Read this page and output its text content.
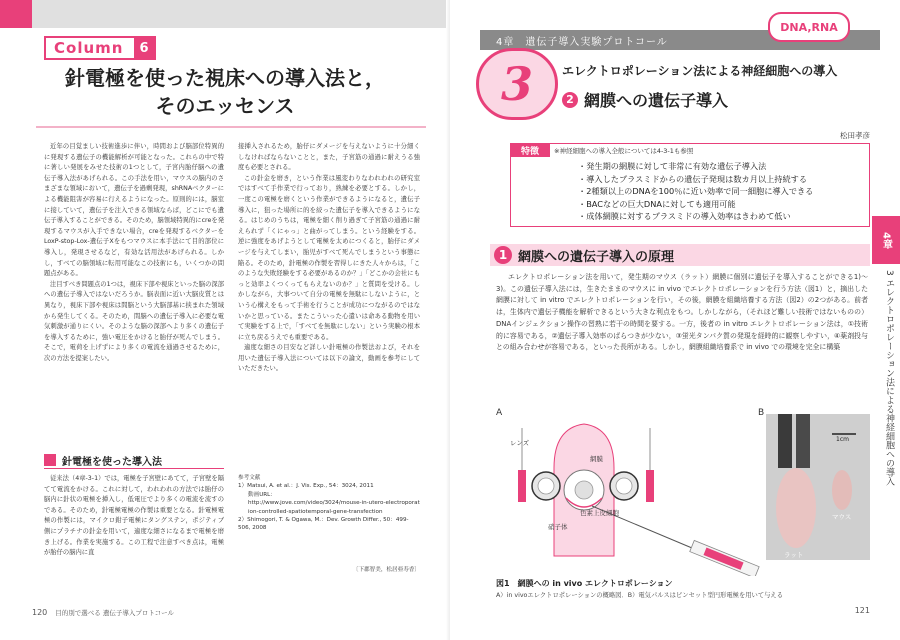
Column	6
針電極を使った視床への導入法と，
そのエッセンス

近年の目覚ましい技術進歩に伴い，時間および脳部位特異的に発現する遺伝子の機能解析が可能となった。これらの中で特に著しい発展をみせた技術の1つとして，子宮内胎仔脳への遺伝子導入法があげられる。この手法を用い，マウスの脳内のさまざまな領域において，遺伝子を過剰発現，shRNAベクターによる機能阻害が容易に行えるようになった。原則的には，脳室に接していて，遺伝子を注入できる領域ならば，どこにでも遺伝子導入することができる。そのため，脳領域特異的にcreを発現するマウスが入手できない場合，creを発現するベクターをLoxP-stop-Lox-遺伝子Xをもつマウスに本手法にて目的部位に導入し，発現させるなど，有効な活用法があげられる。しかし，すべての脳領域に転用可能なこの技術にも，いくつかの問題点がある。

注目すべき問題点の1つは，視床下部や視床といった脳の深部への遺伝子導入ではないだろうか。脳表面に近い大脳皮質とは異なり，視床下部や視床は間脳という大脳部基に挟まれた領域から発生してくる。そのため，間脳への遺伝子導入に必要な電気刺激が通りにくい。そのような脳の深部へより多くの遺伝子を導入するために，強い電圧をかけると胎仔が死んでしまう。そこで，電荷を上げずにより多くの電流を通過させるために，次の方法を提案したい。

針電極を使った導入法

従来法（4章-3-1）では，電極を子宮壁にあてて，子宮壁を隔てて電流をかける。これに対して，われわれの方法では胎仔の脳内に針状の電極を挿入し，低電圧でより多くの電流を流すのである。そのため，針電極電極の作製は重要となる。針電極電極の作製には，マイクロ鉗子電極にタングステン，ポジティブ側にプラチナの針金を用いて，適度な細さになるまで電極を磨き上げる。作業を実施する。この工程で注意すべき点は，電極が胎仔の脳内に直

接挿入されるため，胎仔にダメージを与えないように十分細くしなければならないことと，また，子宮筋の通過に耐えうる強度も必要とされる。

この針金を磨き，という作業は風変わりなわれわれの研究室ではすべて手作業で行っており，熟練を必要とする。しかし，一度この電極を磨くという作業ができるようになると，遺伝子導入に，狙った場所に的を絞った遺伝子を導入できるようになる。はじめのうちは，電極を細く削り過ぎて子宮筋の通過に耐えられず「くにゃっ」と曲がってしまう。という経験をする。逆に強度をあげようとして電極を太めにつくると，胎仔にダメージを与えてしまい，胎児がすべて死んでしまうという事態に陥る。そのため，針電極の作製を習得しにきた人々からは，「このような失敗経験をする必要があるのか？」「どこかの会社にもっと効率よくつくってもらえないのか？」と質問を受ける。しかしながら，大事ついて自分の電極を無駄にしないように，という心構えをもって手術を行うことが成功につながるのではないかと思っている。またこういった心遣いは命ある動物を用いて実験をする上で，「すべてを無駄にしない」という実験の根本に立ち戻るうえでも重要である。

適度な細さの目安など詳しい針電極の作製法および，それを用いた遺伝子導入法については以下の論文，動画を参考にしていただきたい。

参考文献
1）Matsui, A. et al.：J. Vis. Exp., 54：3024, 2011
動画URL：
http://www.jove.com/video/3024/mouse-in-utero-electroporation-controlled-spatiotemporal-gene-transfection
2）Shimogori, T. & Ogawa, M.：Dev. Growth Differ., 50：499-506, 2008
〔下郡智美，松居亜寿香〕
120 目的別で選べる 遺伝子導入プロトコール
4章　遺伝子導入実験プロトコール
DNA,RNA
3 エレクトロポレーション法による神経細胞への導入
2 網膜への遺伝子導入
松田孝彦
特徴	※神経細胞への導入全般については4-3-1も参照
・発生期の網膜に対して非常に有効な遺伝子導入法
・導入したプラスミドからの遺伝子発現は数カ月以上持続する
・2種類以上のDNAを100％に近い効率で同一細胞に導入できる
・BACなどの巨大DNAに対しても適用可能
・成体網膜に対するプラスミドの導入効率はきわめて低い
1 網膜への遺伝子導入の原理

エレクトロポレーション法を用いて，発生期のマウス（ラット）網膜に個別に遺伝子を導入することができる1)〜3)。この遺伝子導入法には，生きたままのマウスに in vivo でエレクトロポレーションを行う方法（図1）と，摘出した網膜に対して in vitro でエレクトロポレーションを行い，その後，網膜を組織培養する方法（図2）の2つがある。前者は，生体内で遺伝子機能を解析できるという大きな利点をもつ。しかしながら，（それほど難しい技術ではないものの）DNAインジェクション操作の習熟に若干の時間を要する。一方，後者の in vitro エレクトロポレーション法は，①技術的に容易である，②遺伝子導入効率のばらつきが少ない，③蛍光タンパク質の発現を経時的に観察しやすい，④薬剤投与との組み合わせが容易である，といった長所がある。しかし，網膜組織培養系で in vivo での環境を完全に構築

A	B
レンズ
網膜
色素上皮細胞
硝子体
1cm
マウス
ラット
図1　網膜への in vivo エレクトロポレーション
A）in vivoエレクトロポレーションの概略図．B）電気パルスはピンセット型円形電極を用いて与える
4章
3 エレクトロポレーション法による神経細胞への導入
121
